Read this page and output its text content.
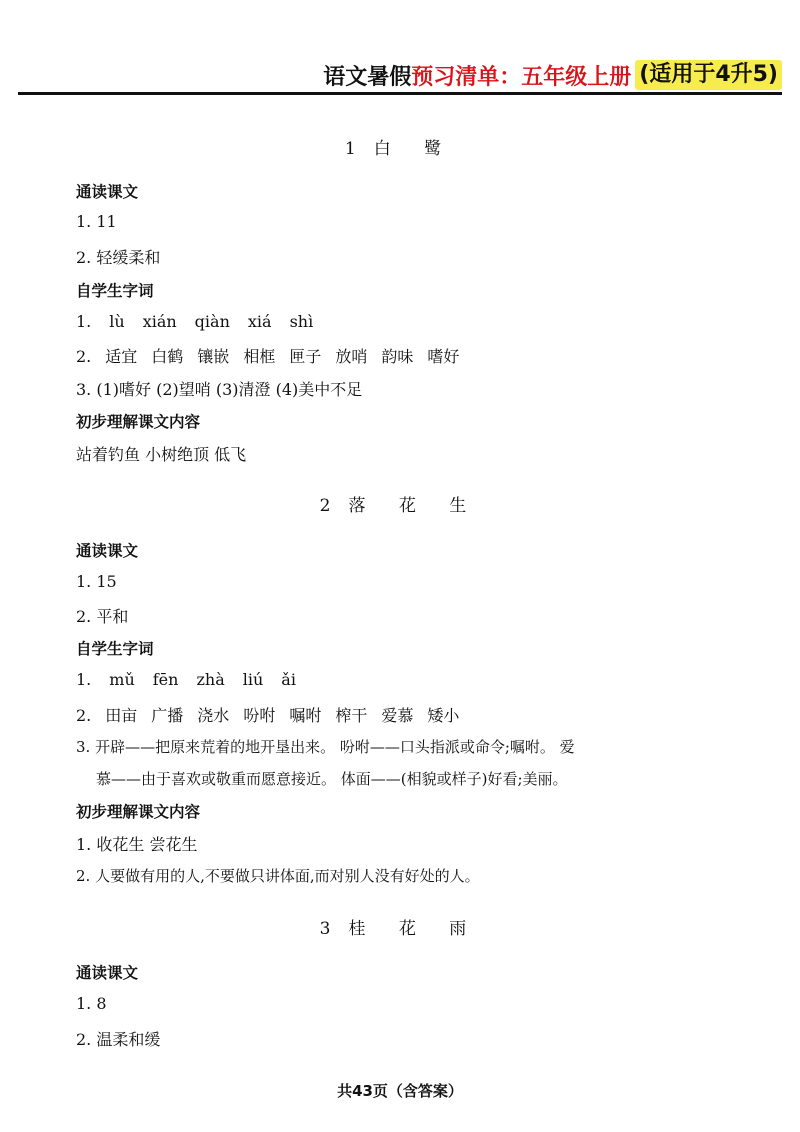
语文暑假 预习清单：五年级上册 (适用于4升5)
1 白 鹭
通读课文
1. 11
2. 轻缓柔和
自学生字词
1. lù xián qiàn xiá shì
2. 适宜 白鹤 镶嵌 相框 匣子 放哨 韵味 嗜好
3. (1)嗜好 (2)望哨 (3)清澄 (4)美中不足
初步理解课文内容
站着钓鱼 小树绝顶 低飞
2 落 花 生
通读课文
1. 15
2. 平和
自学生字词
1. mǔ fēn zhà liú ǎi
2. 田亩 广播 浇水 吩咐 嘱咐 榨干 爱慕 矮小
3. 开辟——把原来荒着的地开垦出来。 吩咐——口头指派或命令;嘱咐。 爱
慕——由于喜欢或敬重而愿意接近。 体面——(相貌或样子)好看;美丽。
初步理解课文内容
1. 收花生 尝花生
2. 人要做有用的人,不要做只讲体面,而对别人没有好处的人。
3 桂 花 雨
通读课文
1. 8
2. 温柔和缓
共43页（含答案）
